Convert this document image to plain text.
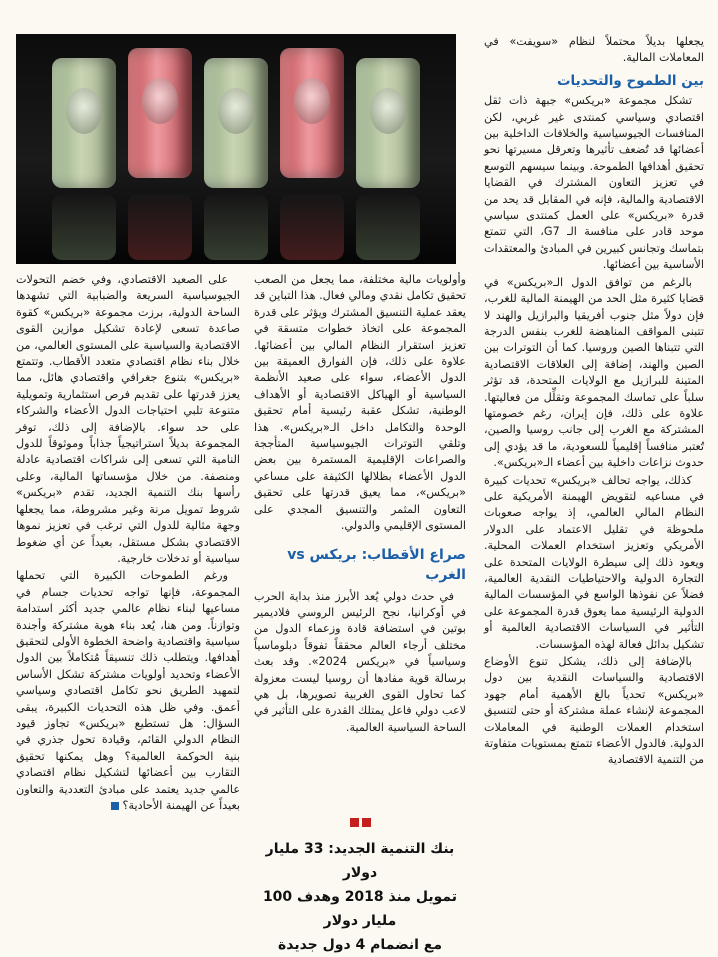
يجعلها بديلاً محتملاً لنظام «سويفت» في المعاملات المالية.

بين الطموح والتحديات

تشكل مجموعة «بريكس» جبهة ذات ثقل اقتصادي وسياسي كمنتدى غير غربي، لكن المنافسات الجيوسياسية والخلافات الداخلية بين أعضائها قد تُضعف تأثيرها وتعرقل مسيرتها نحو تحقيق أهدافها الطموحة. وبينما سيسهم التوسع في تعزيز التعاون المشترك في القضايا الاقتصادية والمالية، فإنه في المقابل قد يحد من قدرة «بريكس» على العمل كمنتدى سياسي موحد قادر على منافسة الـ G7، التي تتمتع بتماسك وتجانس كبيرين في المبادئ والمعتقدات الأساسية بين أعضائها.

بالرغم من توافق الدول الـ«بريكس» في قضايا كثيرة مثل الحد من الهيمنة المالية للغرب، فإن دولاً مثل جنوب أفريقيا والبرازيل والهند لا تتبنى المواقف المناهضة للغرب بنفس الدرجة التي تتبناها الصين وروسيا. كما أن التوترات بين الصين والهند، إضافة إلى العلاقات الاقتصادية المتينة للبرازيل مع الولايات المتحدة، قد تؤثر سلباً على تماسك المجموعة وتقلِّل من فعاليتها. علاوة على ذلك، فإن إيران، رغم خصومتها المشتركة مع الغرب إلى جانب روسيا والصين، تُعتبر منافساً إقليمياً للسعودية، ما قد يؤدي إلى حدوث نزاعات داخلية بين أعضاء الـ«بريكس».

كذلك، يواجه تحالف «بريكس» تحديات كبيرة في مساعيه لتقويض الهيمنة الأمريكية على النظام المالي العالمي، إذ يواجه صعوبات ملحوظة في تقليل الاعتماد على الدولار الأمريكي وتعزيز استخدام العملات المحلية. ويعود ذلك إلى سيطرة الولايات المتحدة على التجارة الدولية والاحتياطيات النقدية العالمية، فضلاً عن نفوذها الواسع في المؤسسات المالية الدولية الرئيسية مما يعوق قدرة المجموعة على التأثير في السياسات الاقتصادية العالمية أو تشكيل بدائل فعالة لهذه المؤسسات.

بالإضافة إلى ذلك، يشكل تنوع الأوضاع الاقتصادية والسياسات النقدية بين دول «بريكس» تحدياً بالغ الأهمية أمام جهود المجموعة لإنشاء عملة مشتركة أو حتى لتنسيق استخدام العملات الوطنية في المعاملات الدولية. فالدول الأعضاء تتمتع بمستويات متفاوتة من التنمية الاقتصادية

وأولويات مالية مختلفة، مما يجعل من الصعب تحقيق تكامل نقدي ومالي فعال. هذا التباين قد يعقد عملية التنسيق المشترك ويؤثر على قدرة المجموعة على اتخاذ خطوات متسقة في تعزيز استقرار النظام المالي بين أعضائها. علاوة على ذلك، فإن الفوارق العميقة بين الدول الأعضاء، سواء على صعيد الأنظمة السياسية أو الهياكل الاقتصادية أو الأهداف الوطنية، تشكل عقبة رئيسية أمام تحقيق الوحدة والتكامل داخل الـ«بريكس». هذا وتلقي التوترات الجيوسياسية المتأججة والصراعات الإقليمية المستمرة بين بعض الدول الأعضاء بظلالها الكثيفة على مساعي «بريكس»، مما يعيق قدرتها على تحقيق التعاون المثمر والتنسيق المجدي على المستوى الإقليمي والدولي.

صراع الأقطاب: بريكس vs الغرب

في حدث دولي يُعد الأبرز منذ بداية الحرب في أوكرانيا، نجح الرئيس الروسي فلاديمير بوتين في استضافة قادة وزعماء الدول من مختلف أرجاء العالم محققاً تفوقاً دبلوماسياً وسياسياً في «بريكس 2024». وقد بعث برسالة قوية مفادها أن روسيا ليست معزولة كما تحاول القوى الغربية تصويرها، بل هي لاعب دولي فاعل يمتلك القدرة على التأثير في الساحة السياسية العالمية.

بنك التنمية الجديد: 33 مليار دولار
تمويل منذ 2018 وهدف 100 مليار دولار
مع انضمام 4 دول جديدة

على الصعيد الاقتصادي، وفي خضم التحولات الجيوسياسية السريعة والضبابية التي تشهدها الساحة الدولية، برزت مجموعة «بريكس» كقوة صاعدة تسعى لإعادة تشكيل موازين القوى الاقتصادية والسياسية على المستوى العالمي، من خلال بناء نظام اقتصادي متعدد الأقطاب. وتتمتع «بريكس» بتنوع جغرافي واقتصادي هائل، مما يعزز قدرتها على تقديم فرص استثمارية وتمويلية متنوعة تلبي احتياجات الدول الأعضاء والشركاء على حد سواء. بالإضافة إلى ذلك، توفر المجموعة بديلاً استراتيجياً جذاباً وموثوقاً للدول النامية التي تسعى إلى شراكات اقتصادية عادلة ومنصفة. من خلال مؤسساتها المالية، وعلى رأسها بنك التنمية الجديد، تقدم «بريكس» شروط تمويل مرنة وغير مشروطة، مما يجعلها وجهة مثالية للدول التي ترغب في تعزيز نموها الاقتصادي بشكل مستقل، بعيداً عن أي ضغوط سياسية أو تدخلات خارجية.

ورغم الطموحات الكبيرة التي تحملها المجموعة، فإنها تواجه تحديات جسام في مساعيها لبناء نظام عالمي جديد أكثر استدامة وتوازناً. ومن هنا، يُعد بناء هوية مشتركة وأجندة سياسية واقتصادية واضحة الخطوة الأولى لتحقيق أهدافها. ويتطلب ذلك تنسيقاً مُتكاملاً بين الدول الأعضاء وتحديد أولويات مشتركة تشكل الأساس لتمهيد الطريق نحو تكامل اقتصادي وسياسي أعمق. وفي ظل هذه التحديات الكبيرة، يبقى السؤال: هل تستطيع «بريكس» تجاوز قيود النظام الدولي القائم، وقيادة تحول جذري في بنية الحوكمة العالمية؟ وهل يمكنها تحقيق التقارب بين أعضائها لتشكيل نظام اقتصادي عالمي جديد يعتمد على مبادئ التعددية والتعاون بعيداً عن الهيمنة الأحادية؟
